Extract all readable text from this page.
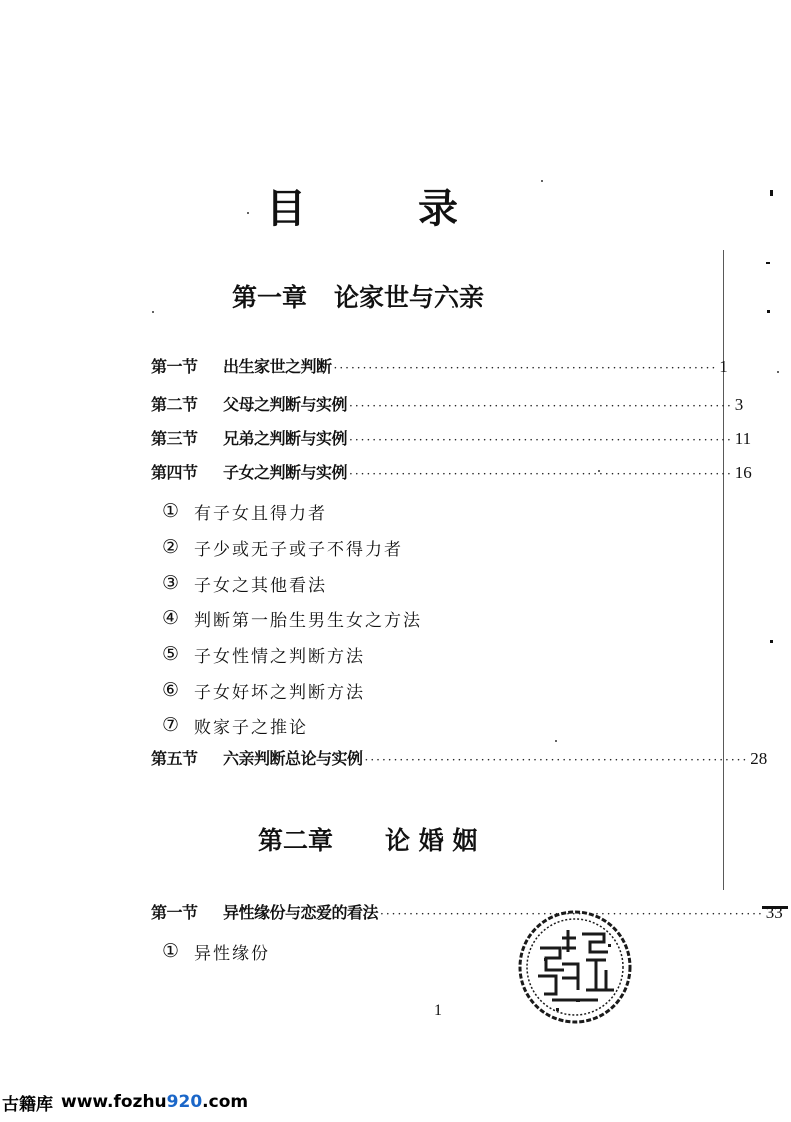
目	录
第一章 论家世与六亲
第一节	出生家世之判断 ·································································· 1
第二节	父母之判断与实例 ·································································· 3
第三节	兄弟之判断与实例 ·································································· 11
第四节	子女之判断与实例 ·································································· 16
① 有子女且得力者
② 子少或无子或子不得力者
③ 子女之其他看法
④ 判断第一胎生男生女之方法
⑤ 子女性情之判断方法
⑥ 子女好坏之判断方法
⑦ 败家子之推论
第五节	六亲判断总论与实例 ·································································· 28
第二章 论 婚 姻
第一节	异性缘份与恋爱的看法 ·································································· 33
① 异性缘份
1
古籍库 www.fozhu 920 .com
